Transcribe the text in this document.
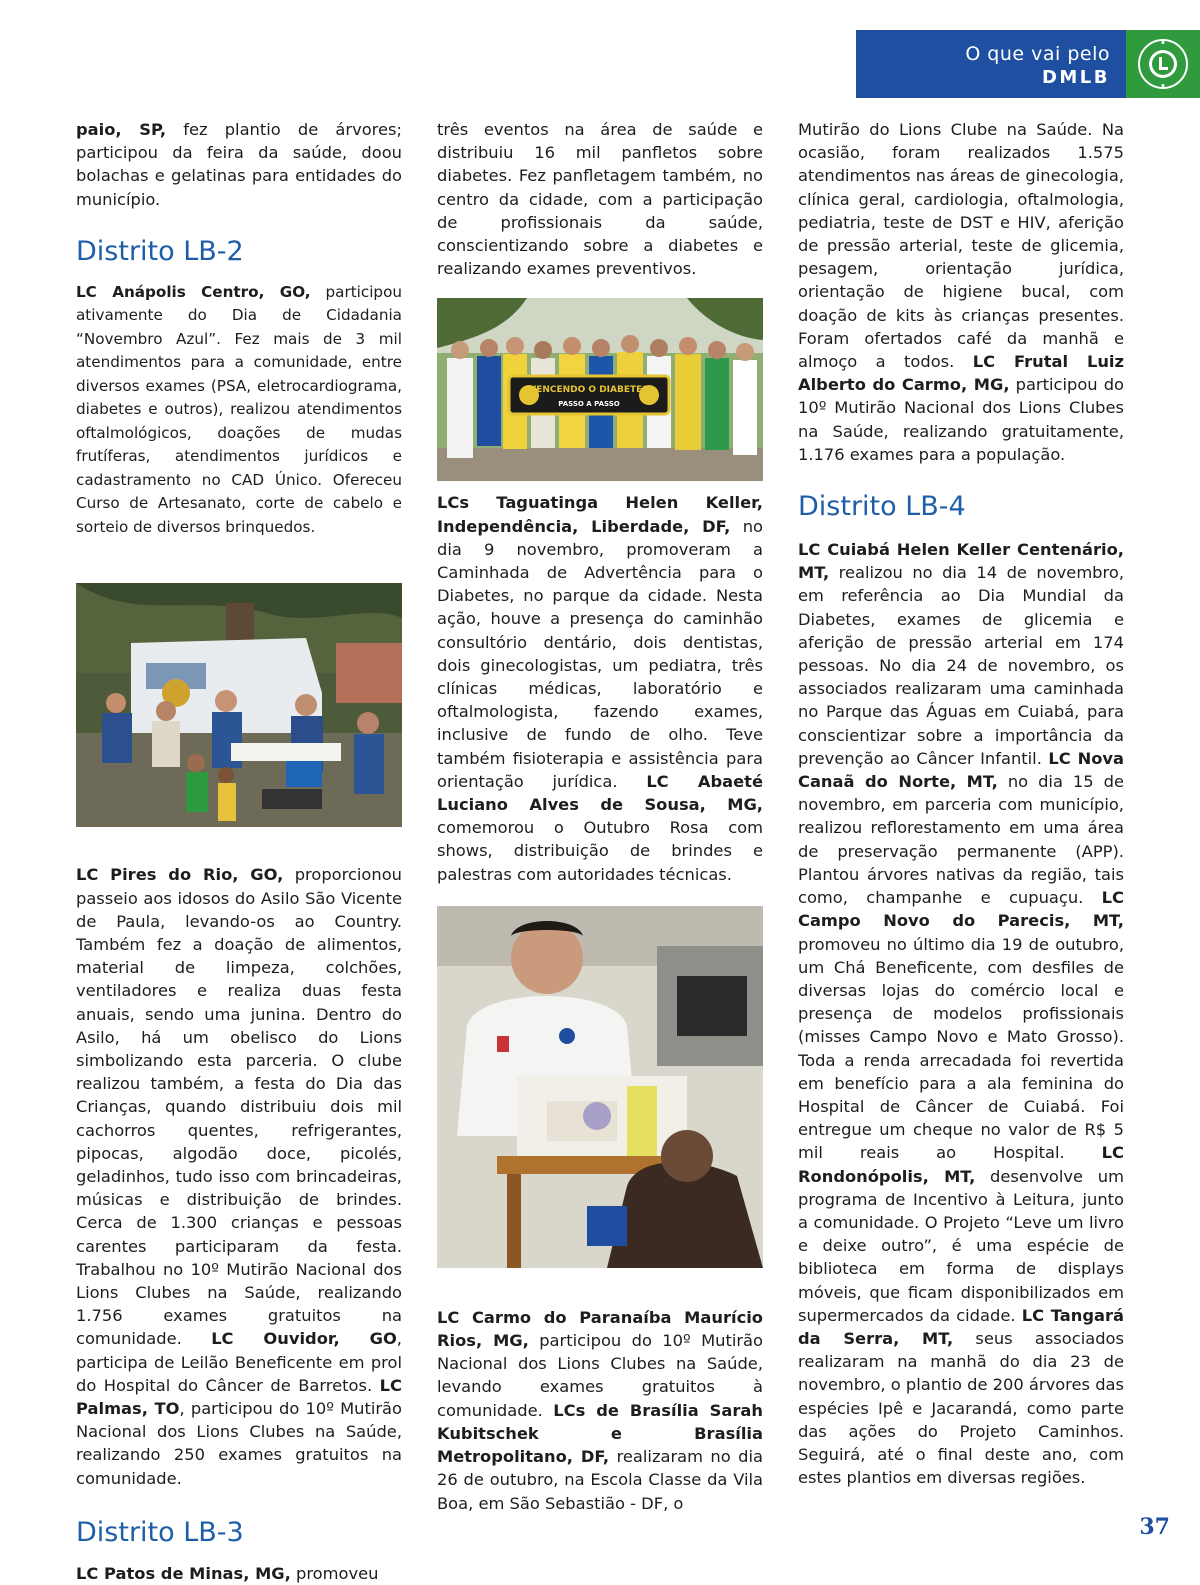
O que vai pelo
DMLB

paio, SP, fez plantio de árvores; participou da feira da saúde, doou bolachas e gelatinas para entidades do município.

Distrito LB-2

LC Anápolis Centro, GO, participou ativamente do Dia de Cidadania “Novembro Azul”. Fez mais de 3 mil atendimentos para a comunidade, entre diversos exames (PSA, eletrocardiograma, diabetes e outros), realizou atendimentos oftalmológicos, doações de mudas frutíferas, atendimentos jurídicos e cadastramento no CAD Único. Ofereceu Curso de Artesanato, corte de cabelo e sorteio de diversos brinquedos.

LC Pires do Rio, GO, proporcionou passeio aos idosos do Asilo São Vicente de Paula, levando-os ao Country. Também fez a doação de alimentos, material de limpeza, colchões, ventiladores e realiza duas festa anuais, sendo uma junina. Dentro do Asilo, há um obelisco do Lions simbolizando esta parceria. O clube realizou também, a festa do Dia das Crianças, quando distribuiu dois mil cachorros quentes, refrigerantes, pipocas, algodão doce, picolés, geladinhos, tudo isso com brincadeiras, músicas e distribuição de brindes. Cerca de 1.300 crianças e pessoas carentes participaram da festa. Trabalhou no 10º Mutirão Nacional dos Lions Clubes na Saúde, realizando 1.756 exames gratuitos na comunidade. LC Ouvidor, GO, participa de Leilão Beneficente em prol do Hospital do Câncer de Barretos. LC Palmas, TO, participou do 10º Mutirão Nacional dos Lions Clubes na Saúde, realizando 250 exames gratuitos na comunidade.

Distrito LB-3

LC Patos de Minas, MG, promoveu

três eventos na área de saúde e distribuiu 16 mil panfletos sobre diabetes. Fez panfletagem também, no centro da cidade, com a participação de profissionais da saúde, conscientizando sobre a diabetes e realizando exames preventivos.

VENCENDO O DIABETES
PASSO A PASSO

LCs Taguatinga Helen Keller, Independência, Liberdade, DF, no dia 9 novembro, promoveram a Caminhada de Advertência para o Diabetes, no parque da cidade. Nesta ação, houve a presença do caminhão consultório dentário, dois dentistas, dois ginecologistas, um pediatra, três clínicas médicas, laboratório e oftalmologista, fazendo exames, inclusive de fundo de olho. Teve também fisioterapia e assistência para orientação jurídica. LC Abaeté Luciano Alves de Sousa, MG, comemorou o Outubro Rosa com shows, distribuição de brindes e palestras com autoridades técnicas.

LC Carmo do Paranaíba Maurício Rios, MG, participou do 10º Mutirão Nacional dos Lions Clubes na Saúde, levando exames gratuitos à comunidade. LCs de Brasília Sarah Kubitschek e Brasília Metropolitano, DF, realizaram no dia 26 de outubro, na Escola Classe da Vila Boa, em São Sebastião - DF, o

Mutirão do Lions Clube na Saúde. Na ocasião, foram realizados 1.575 atendimentos nas áreas de ginecologia, clínica geral, cardiologia, oftalmologia, pediatria, teste de DST e HIV, aferição de pressão arterial, teste de glicemia, pesagem, orientação jurídica, orientação de higiene bucal, com doação de kits às crianças presentes. Foram ofertados café da manhã e almoço a todos. LC Frutal Luiz Alberto do Carmo, MG, participou do 10º Mutirão Nacional dos Lions Clubes na Saúde, realizando gratuitamente, 1.176 exames para a população.

Distrito LB-4

LC Cuiabá Helen Keller Centenário, MT, realizou no dia 14 de novembro, em referência ao Dia Mundial da Diabetes, exames de glicemia e aferição de pressão arterial em 174 pessoas. No dia 24 de novembro, os associados realizaram uma caminhada no Parque das Águas em Cuiabá, para conscientizar sobre a importância da prevenção ao Câncer Infantil. LC Nova Canaã do Norte, MT, no dia 15 de novembro, em parceria com município, realizou reflorestamento em uma área de preservação permanente (APP). Plantou árvores nativas da região, tais como, champanhe e cupuaçu. LC Campo Novo do Parecis, MT, promoveu no último dia 19 de outubro, um Chá Beneficente, com desfiles de diversas lojas do comércio local e presença de modelos profissionais (misses Campo Novo e Mato Grosso). Toda a renda arrecadada foi revertida em benefício para a ala feminina do Hospital de Câncer de Cuiabá. Foi entregue um cheque no valor de R$ 5 mil reais ao Hospital. LC Rondonópolis, MT, desenvolve um programa de Incentivo à Leitura, junto a comunidade. O Projeto “Leve um livro e deixe outro”, é uma espécie de biblioteca em forma de displays móveis, que ficam disponibilizados em supermercados da cidade. LC Tangará da Serra, MT, seus associados realizaram na manhã do dia 23 de novembro, o plantio de 200 árvores das espécies Ipê e Jacarandá, como parte das ações do Projeto Caminhos. Seguirá, até o final deste ano, com estes plantios em diversas regiões.

37
